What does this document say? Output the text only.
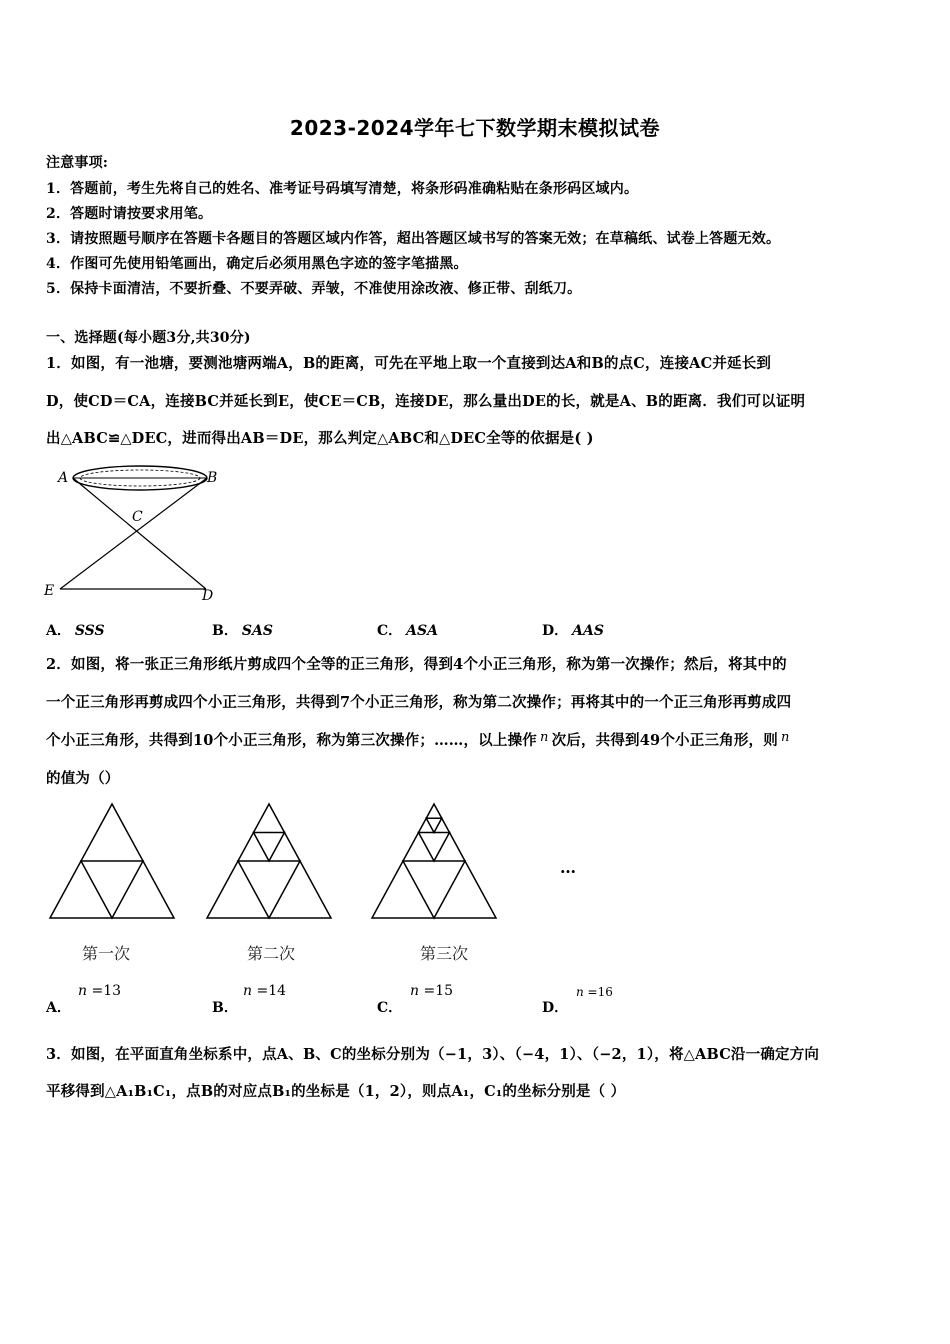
2023-2024学年七下数学期末模拟试卷
注意事项:
1．答题前，考生先将自己的姓名、准考证号码填写清楚，将条形码准确粘贴在条形码区域内。
2．答题时请按要求用笔。
3．请按照题号顺序在答题卡各题目的答题区域内作答，超出答题区域书写的答案无效；在草稿纸、试卷上答题无效。
4．作图可先使用铅笔画出，确定后必须用黑色字迹的签字笔描黑。
5．保持卡面清洁，不要折叠、不要弄破、弄皱，不准使用涂改液、修正带、刮纸刀。
一、选择题(每小题3分,共30分)
1．如图，有一池塘，要测池塘两端A，B的距离，可先在平地上取一个直接到达A和B的点C，连接AC并延长到
D，使CD＝CA，连接BC并延长到E，使CE＝CB，连接DE，那么量出DE的长，就是A、B的距离．我们可以证明
出△ABC≌△DEC，进而得出AB＝DE，那么判定△ABC和△DEC全等的依据是( )
A	B
C
E	D
A． SSS	B． SAS	C． ASA	D． AAS
2．如图，将一张正三角形纸片剪成四个全等的正三角形，得到4个小正三角形，称为第一次操作；然后，将其中的
一个正三角形再剪成四个小正三角形，共得到7个小正三角形，称为第二次操作；再将其中的一个正三角形再剪成四
个小正三角形，共得到10个小正三角形，称为第三次操作；……，以上操作 n 次后，共得到49个小正三角形，则 n
的值为（）
…
第一次	第二次	第三次
A．
n =13
B．
n =14
C．
n =15
D．
n =16
3．如图，在平面直角坐标系中，点A、B、C的坐标分别为（−1，3）、（−4，1）、（−2，1），将△ABC沿一确定方向
平移得到△A₁B₁C₁，点B的对应点B₁的坐标是（1，2），则点A₁，C₁的坐标分别是（ ）
